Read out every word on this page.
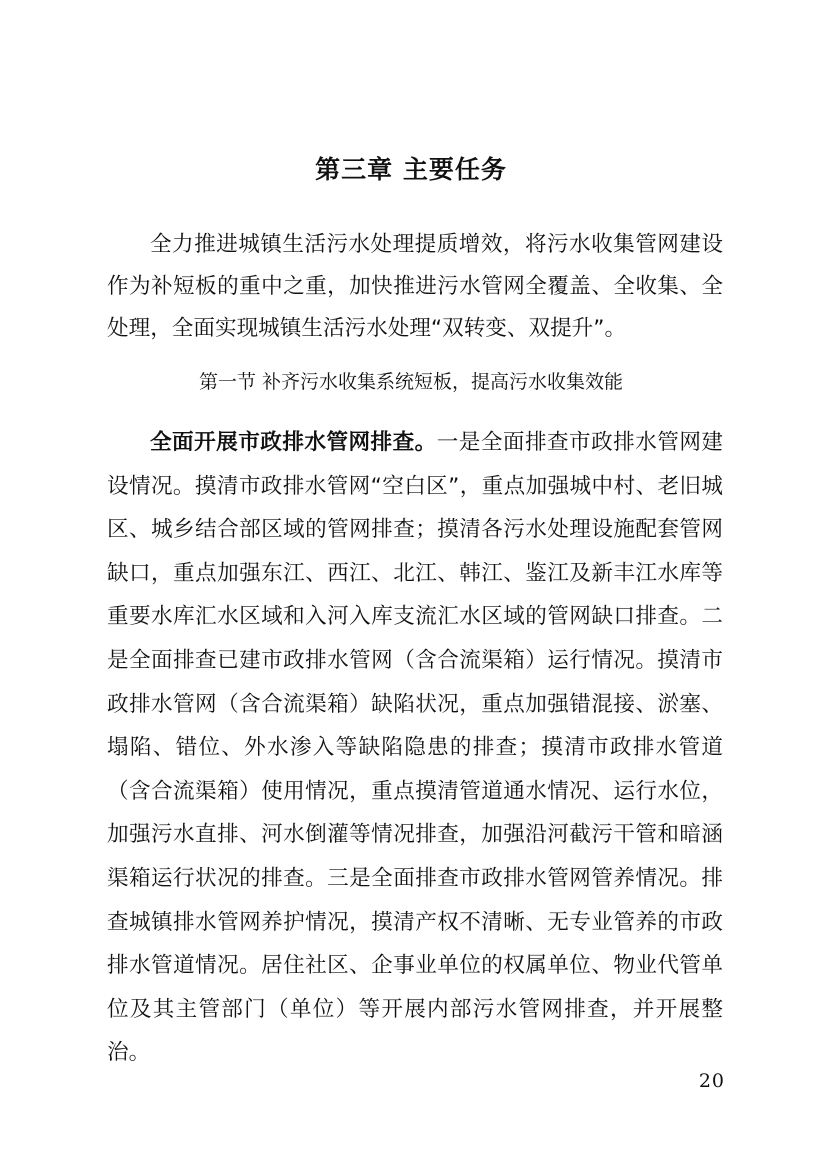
第三章 主要任务

全力推进城镇生活污水处理提质增效，将污水收集管网建设作为补短板的重中之重，加快推进污水管网全覆盖、全收集、全处理，全面实现城镇生活污水处理“双转变、双提升”。

第一节 补齐污水收集系统短板，提高污水收集效能

全面开展市政排水管网排查。一是全面排查市政排水管网建设情况。摸清市政排水管网“空白区”，重点加强城中村、老旧城区、城乡结合部区域的管网排查；摸清各污水处理设施配套管网缺口，重点加强东江、西江、北江、韩江、鉴江及新丰江水库等重要水库汇水区域和入河入库支流汇水区域的管网缺口排查。二是全面排查已建市政排水管网（含合流渠箱）运行情况。摸清市政排水管网（含合流渠箱）缺陷状况，重点加强错混接、淤塞、塌陷、错位、外水渗入等缺陷隐患的排查；摸清市政排水管道（含合流渠箱）使用情况，重点摸清管道通水情况、运行水位，加强污水直排、河水倒灌等情况排查，加强沿河截污干管和暗涵渠箱运行状况的排查。三是全面排查市政排水管网管养情况。排查城镇排水管网养护情况，摸清产权不清晰、无专业管养的市政排水管道情况。居住社区、企事业单位的权属单位、物业代管单位及其主管部门（单位）等开展内部污水管网排查，并开展整治。

20
